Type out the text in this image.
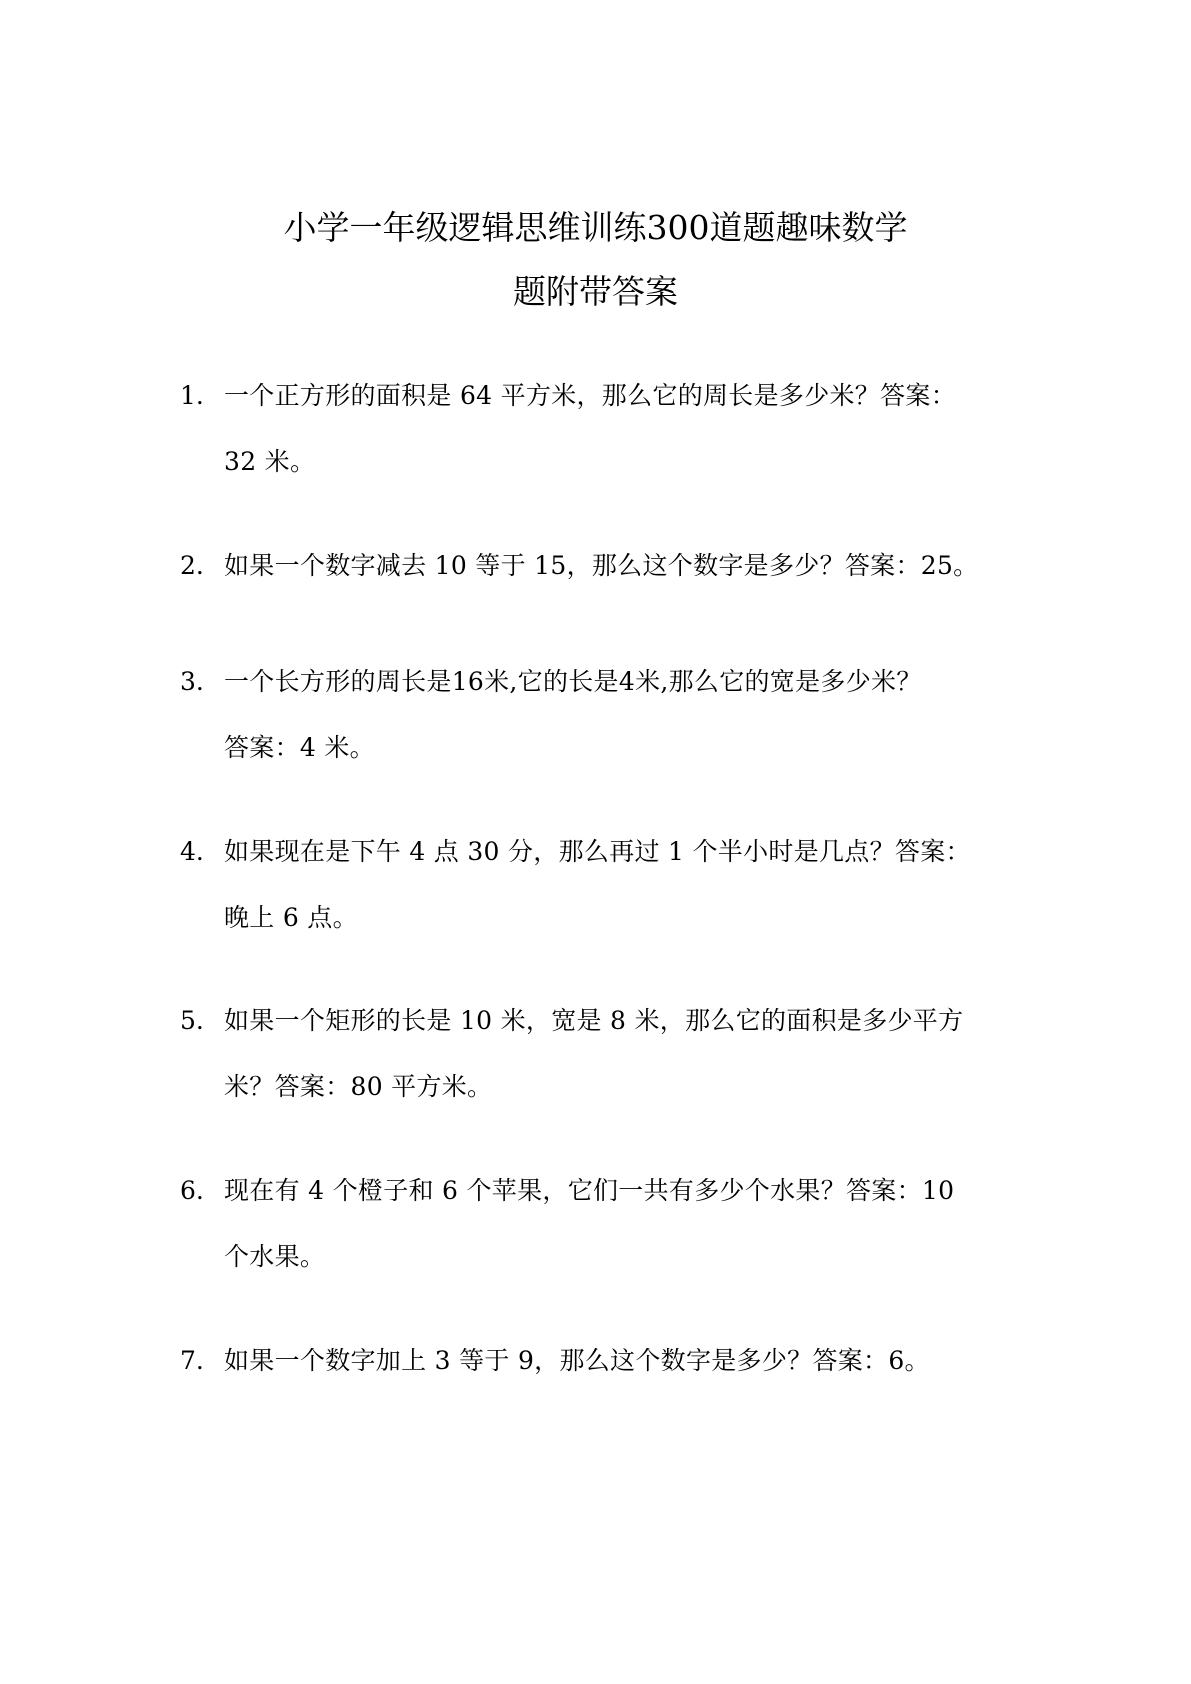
小学一年级逻辑思维训练300道题趣味数学
题附带答案
1. 一个正方形的面积是 64 平方米，那么它的周长是多少米？答案：
32 米。
2. 如果一个数字减去 10 等于 15，那么这个数字是多少？答案：25。
3. 一个长方形的周长是16米,它的长是4米,那么它的宽是多少米？
答案：4 米。
4. 如果现在是下午 4 点 30 分，那么再过 1 个半小时是几点？答案：
晚上 6 点。
5. 如果一个矩形的长是 10 米，宽是 8 米，那么它的面积是多少平方
米？答案：80 平方米。
6. 现在有 4 个橙子和 6 个苹果，它们一共有多少个水果？答案：10
个水果。
7. 如果一个数字加上 3 等于 9，那么这个数字是多少？答案：6。
